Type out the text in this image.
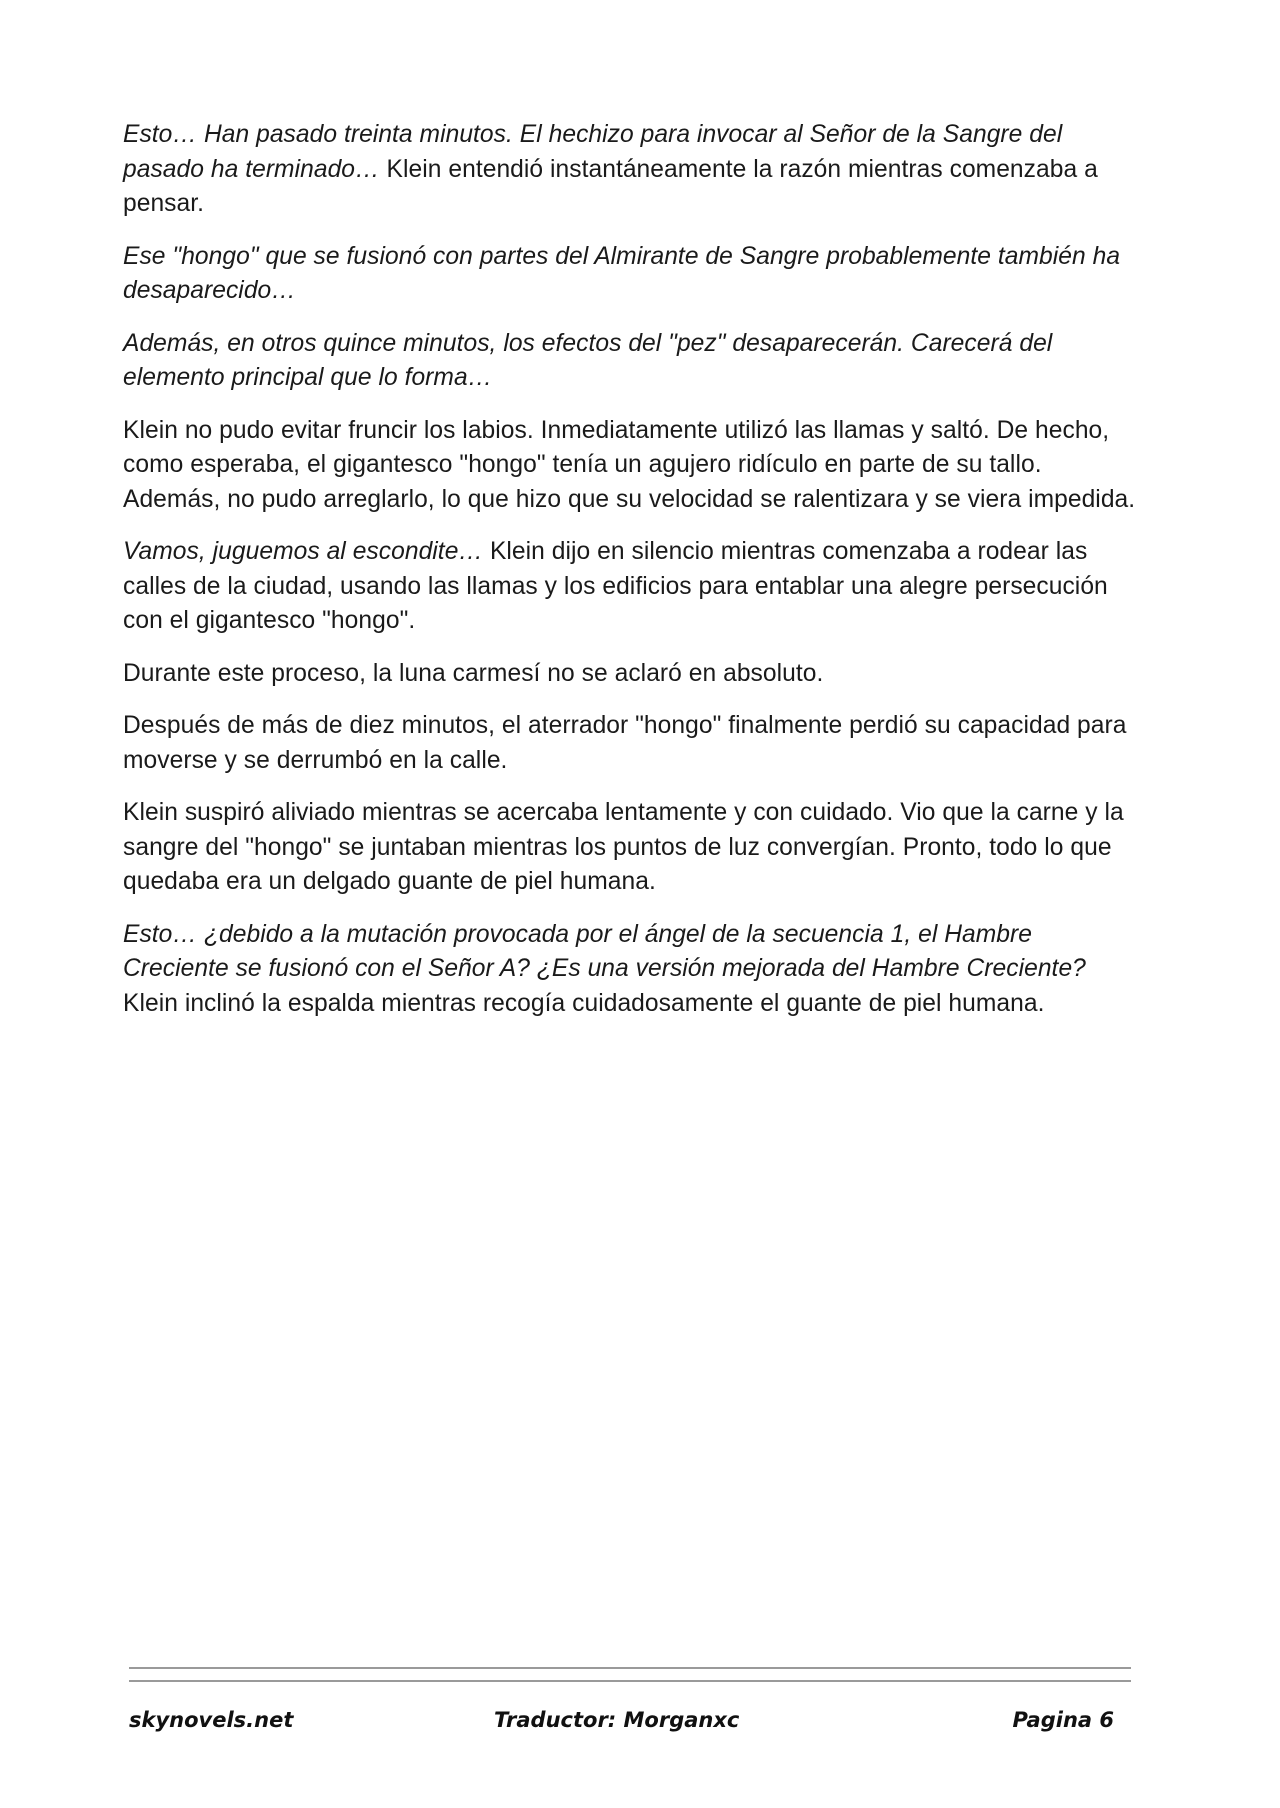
Esto… Han pasado treinta minutos. El hechizo para invocar al Señor de la Sangre del pasado ha terminado… Klein entendió instantáneamente la razón mientras comenzaba a pensar.

Ese "hongo" que se fusionó con partes del Almirante de Sangre probablemente también ha desaparecido…

Además, en otros quince minutos, los efectos del "pez" desaparecerán. Carecerá del elemento principal que lo forma…

Klein no pudo evitar fruncir los labios. Inmediatamente utilizó las llamas y saltó. De hecho, como esperaba, el gigantesco "hongo" tenía un agujero ridículo en parte de su tallo. Además, no pudo arreglarlo, lo que hizo que su velocidad se ralentizara y se viera impedida.

Vamos, juguemos al escondite… Klein dijo en silencio mientras comenzaba a rodear las calles de la ciudad, usando las llamas y los edificios para entablar una alegre persecución con el gigantesco "hongo".

Durante este proceso, la luna carmesí no se aclaró en absoluto.

Después de más de diez minutos, el aterrador "hongo" finalmente perdió su capacidad para moverse y se derrumbó en la calle.

Klein suspiró aliviado mientras se acercaba lentamente y con cuidado. Vio que la carne y la sangre del "hongo" se juntaban mientras los puntos de luz convergían. Pronto, todo lo que quedaba era un delgado guante de piel humana.

Esto… ¿debido a la mutación provocada por el ángel de la secuencia 1, el Hambre Creciente se fusionó con el Señor A? ¿Es una versión mejorada del Hambre Creciente? Klein inclinó la espalda mientras recogía cuidadosamente el guante de piel humana.

skynovels.net	Traductor: Morganxc	Pagina 6
